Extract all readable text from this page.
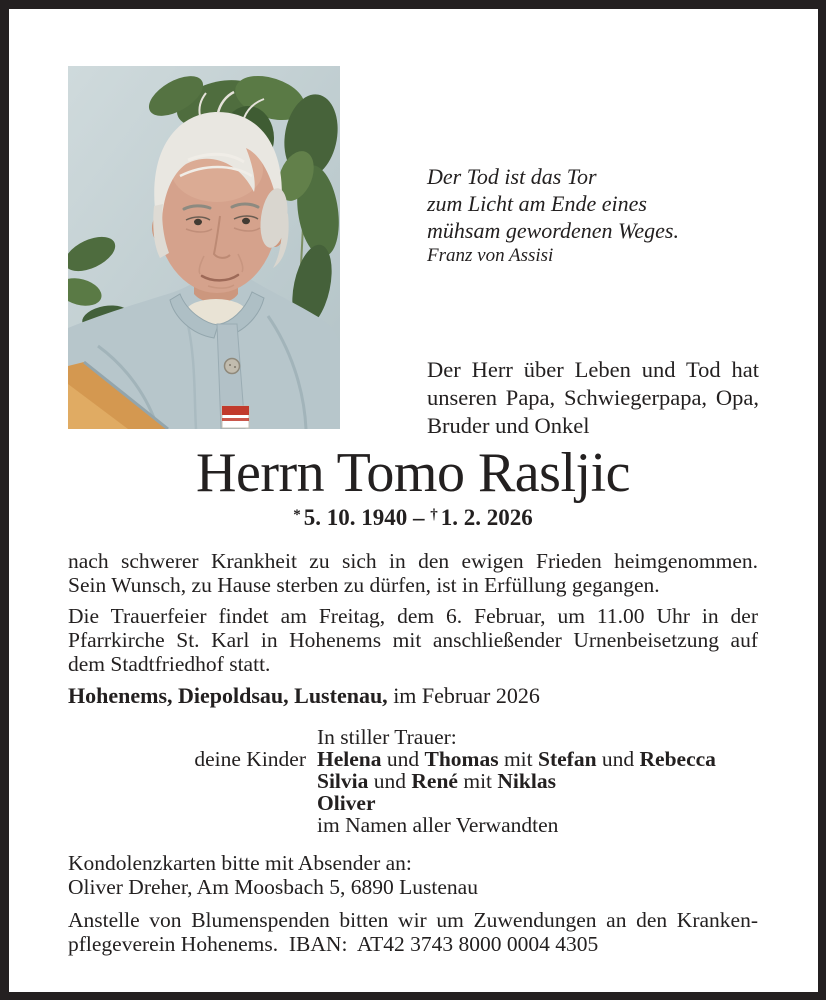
Der Tod ist das Tor
zum Licht am Ende eines
mühsam gewordenen Weges.
Franz von Assisi
Der Herr über Leben und Tod hat
unseren Papa, Schwiegerpapa, Opa,
Bruder und Onkel
Herrn Tomo Rasljic
* 5. 10. 1940 – † 1. 2. 2026
nach schwerer Krankheit zu sich in den ewigen Frieden heimgenommen.
Sein Wunsch, zu Hause sterben zu dürfen, ist in Erfüllung gegangen.
Die Trauerfeier findet am Freitag, dem 6. Februar, um 11.00 Uhr in der
Pfarrkirche St. Karl in Hohenems mit anschließender Urnenbeisetzung auf
dem Stadtfriedhof statt.
Hohenems, Diepoldsau, Lustenau, im Februar 2026
In stiller Trauer:
deine Kinder Helena und Thomas mit Stefan und Rebecca
Silvia und René mit Niklas
Oliver
im Namen aller Verwandten
Kondolenzkarten bitte mit Absender an:
Oliver Dreher, Am Moosbach 5, 6890 Lustenau
Anstelle von Blumenspenden bitten wir um Zuwendungen an den Kranken-
pflegeverein Hohenems.  IBAN:  AT42 3743 8000 0004 4305
